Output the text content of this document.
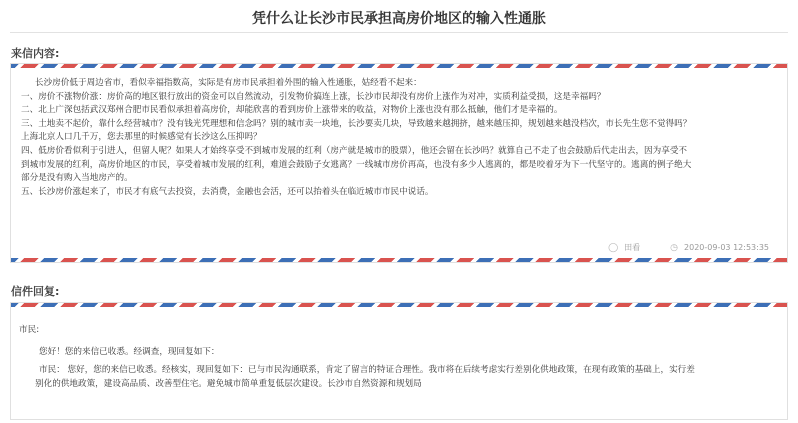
凭什么让长沙市民承担高房价地区的输入性通胀
来信内容:

长沙房价低于周边省市，看似幸福指数高，实际是有房市民承担着外围的输入性通胀，姑经看不起来：

一、房价不涨物价涨：房价高的地区银行放出的资金可以自然流动，引发物价搞连上涨，长沙市民却没有房价上涨作为对冲，实质利益受损，这是幸福吗？

二、北上广深包括武汉郑州合肥市民看似承担着高房价，却能欣喜的看到房价上涨带来的收益，对物价上涨也没有那么抵触，他们才是幸福的。

三、土地卖不起价，靠什么经营城市？没有钱光凭理想和信念吗？别的城市卖一块地，长沙要卖几块，导致越来越拥挤，越来越压抑，规划越来越没档次，市长先生您不觉得吗？

上海北京人口几千万，您去那里的时候感觉有长沙这么压抑吗？

四、低房价看似利于引进人，但留人呢？如果人才始终享受不到城市发展的红利（房产就是城市的股票），他还会留在长沙吗？就算自己不走了也会鼓励后代走出去，因为享受不

到城市发展的红利，高房价地区的市民，享受着城市发展的红利，难道会鼓励子女逃离？一线城市房价再高，也没有多少人逃离的，都是咬着牙为下一代坚守的。逃离的例子绝大

部分是没有购入当地房产的。

五、长沙房价涨起来了，市民才有底气去投资，去消费，金融也会活，还可以抬着头在临近城市市民中说话。

◯ 田看	◷ 2020-09-03 12:53:35
信件回复:
市民:
您好！您的来信已收悉。经调查，现回复如下：

市民： 您好，您的来信已收悉。经核实，现回复如下：已与市民沟通联系，肯定了留言的特证合理性。我市将在后续考虑实行差别化供地政策，在现有政策的基础上，实行差

别化的供地政策，建设高品质、改善型住宅。避免城市简单重复低层次建设。长沙市自然资源和规划局
